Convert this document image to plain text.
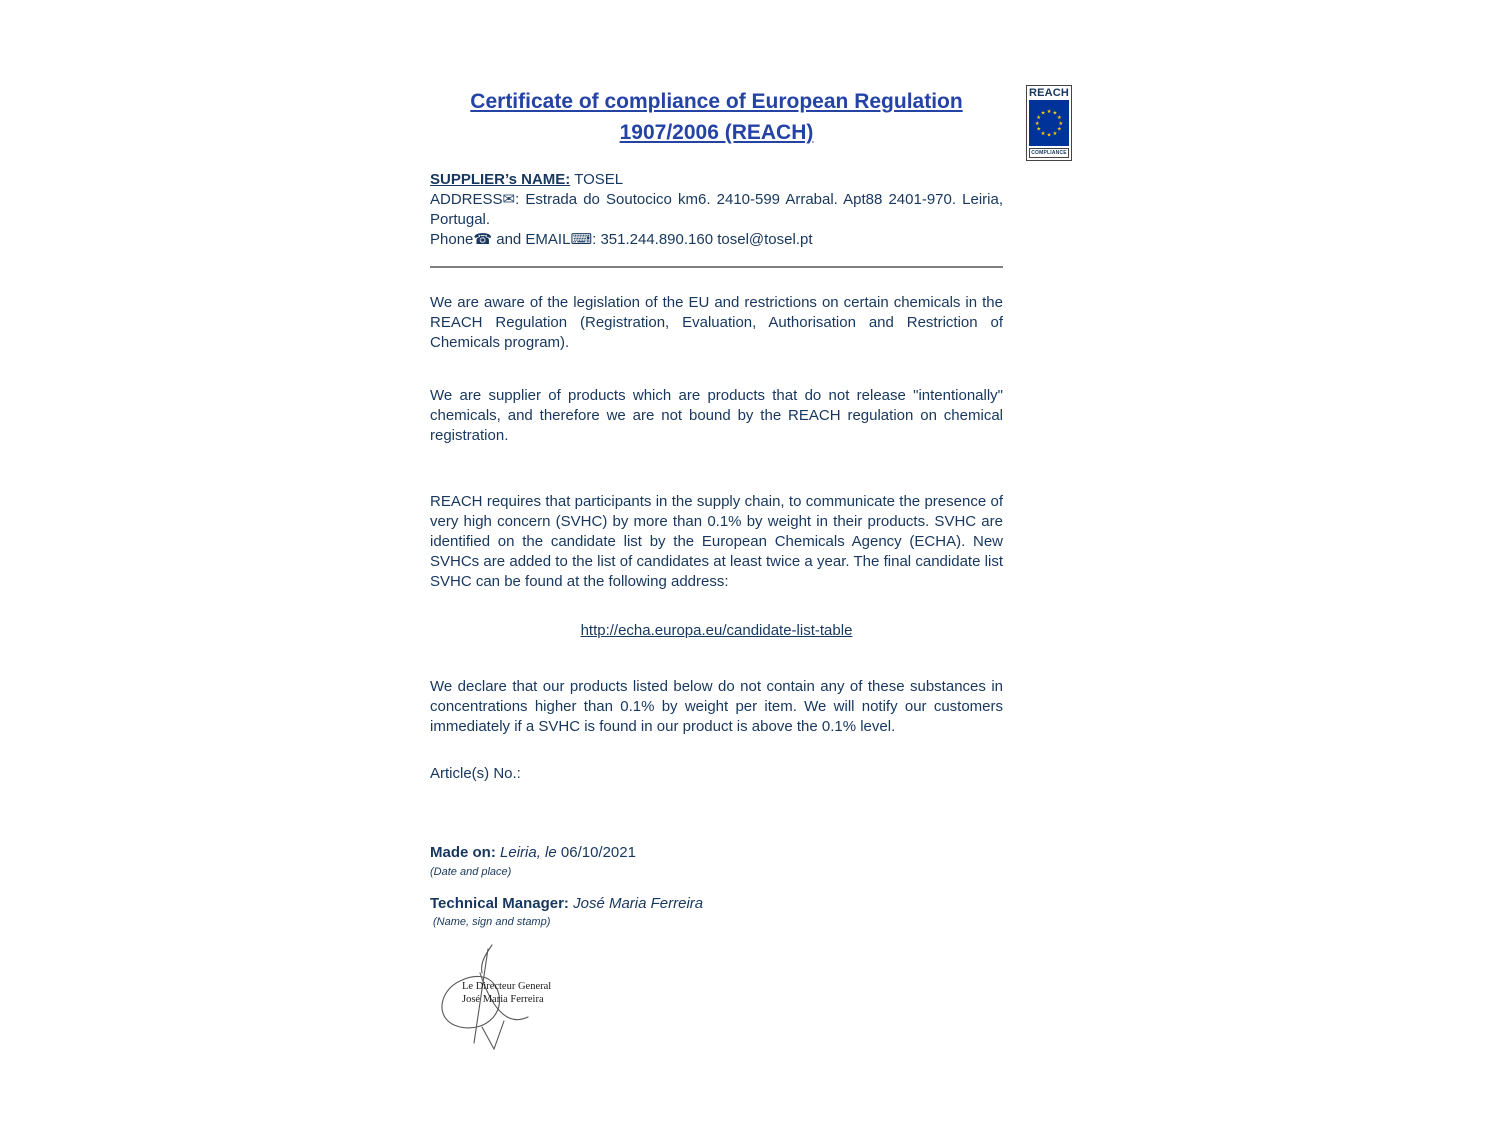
REACH
★ ★
★
★
★
★
★
★
★
★
★
★
COMPLIANCE
Certificate of compliance of European Regulation
1907/2006 (REACH)
SUPPLIER’s NAME: TOSEL
ADDRESS✉: Estrada do Soutocico km6. 2410-599 Arrabal. Apt88 2401-970. Leiria, Portugal.
Phone☎ and EMAIL⌨: 351.244.890.160 tosel@tosel.pt
We are aware of the legislation of the EU and restrictions on certain chemicals in the REACH Regulation (Registration, Evaluation, Authorisation and Restriction of Chemicals program).
We are supplier of products which are products that do not release "intentionally" chemicals, and therefore we are not bound by the REACH regulation on chemical registration.
REACH requires that participants in the supply chain, to communicate the presence of very high concern (SVHC) by more than 0.1% by weight in their products. SVHC are identified on the candidate list by the European Chemicals Agency (ECHA). New SVHCs are added to the list of candidates at least twice a year. The final candidate list SVHC can be found at the following address:
http://echa.europa.eu/candidate-list-table
We declare that our products listed below do not contain any of these substances in concentrations higher than 0.1% by weight per item. We will notify our customers immediately if a SVHC is found in our product is above the 0.1% level.
Article(s) No.:
Made on: Leiria, le 06/10/2021
(Date and place)
Technical Manager: José Maria Ferreira
(Name, sign and stamp)
Le Directeur General
José Maria Ferreira
